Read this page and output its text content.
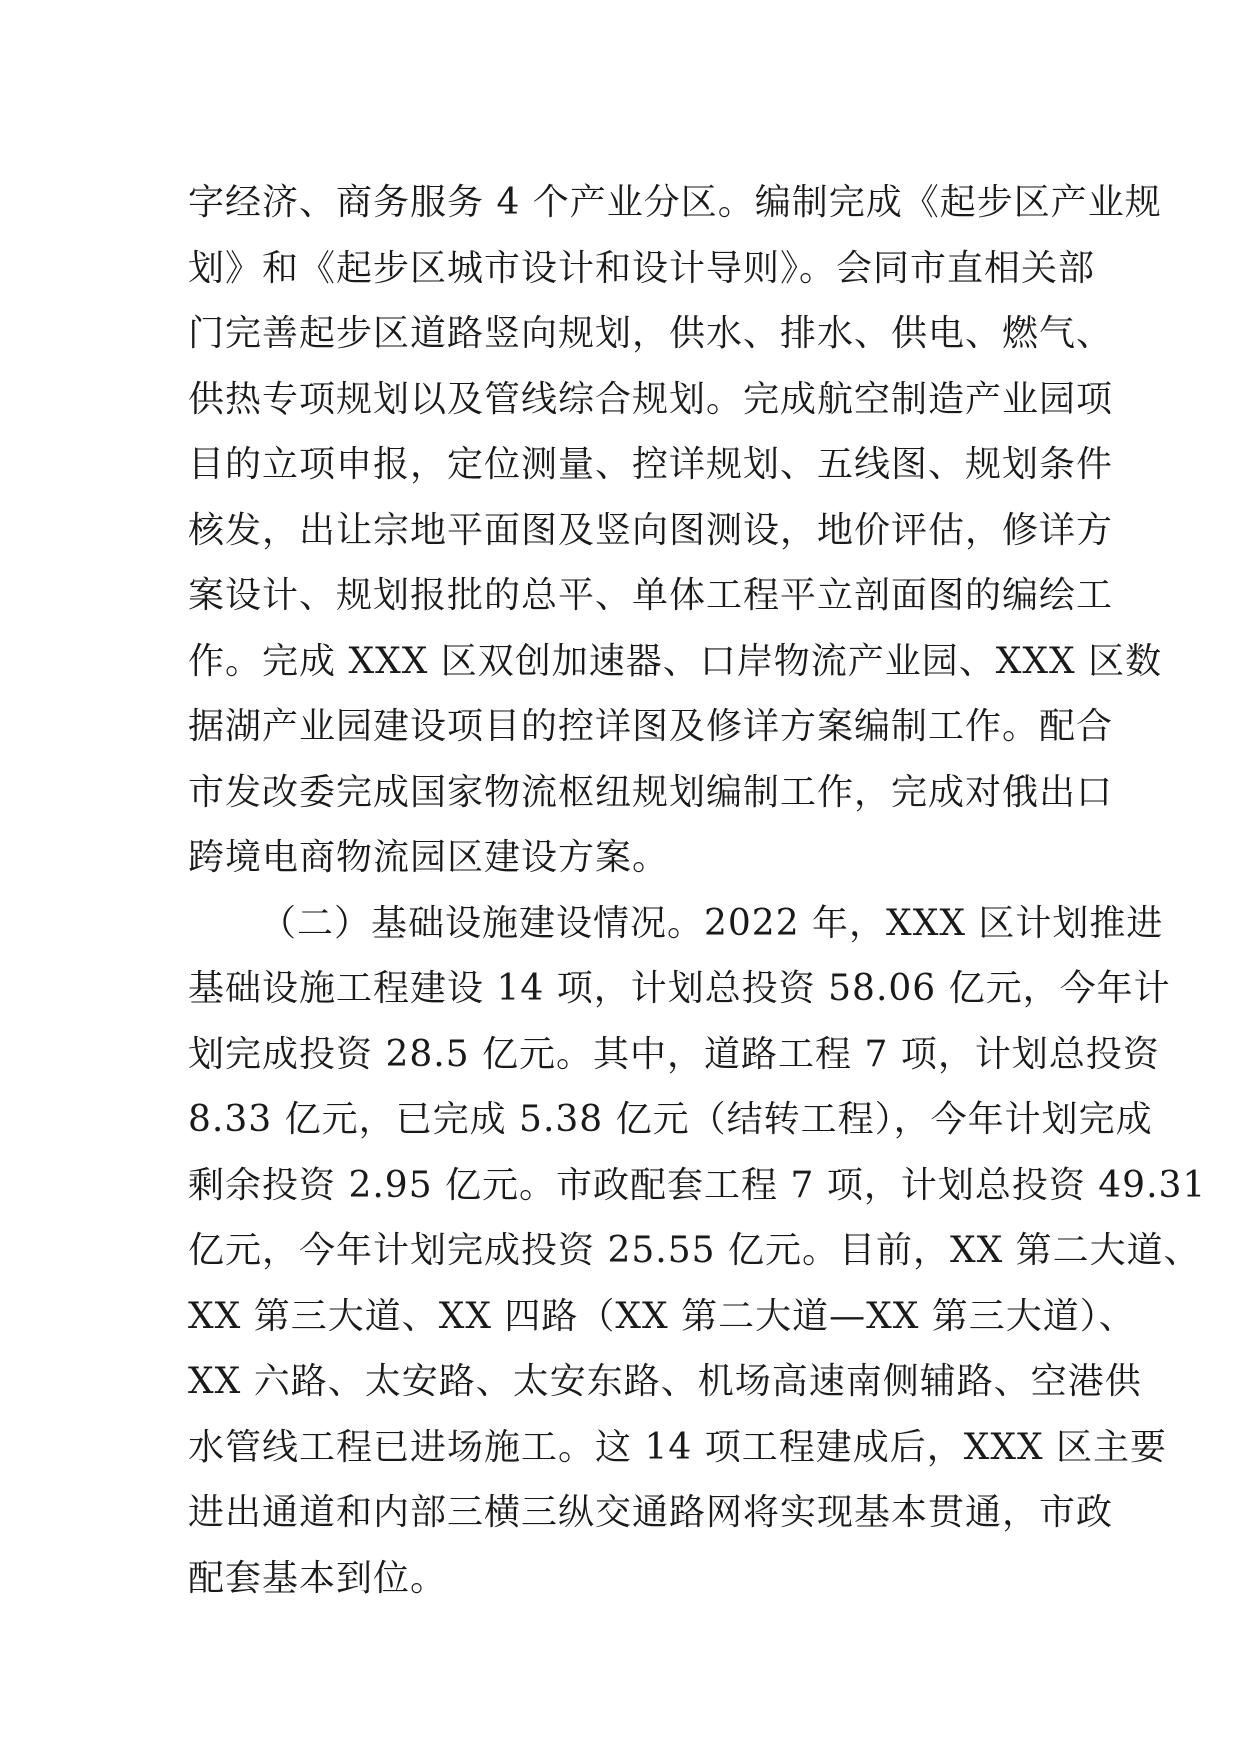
字经济、商务服务 4 个产业分区。编制完成《起步区产业规
划》和《起步区城市设计和设计导则》。会同市直相关部
门完善起步区道路竖向规划，供水、排水、供电、燃气、
供热专项规划以及管线综合规划。完成航空制造产业园项
目的立项申报，定位测量、控详规划、五线图、规划条件
核发，出让宗地平面图及竖向图测设，地价评估，修详方
案设计、规划报批的总平、单体工程平立剖面图的编绘工
作。完成 XXX 区双创加速器、口岸物流产业园、XXX 区数
据湖产业园建设项目的控详图及修详方案编制工作。配合
市发改委完成国家物流枢纽规划编制工作，完成对俄出口
跨境电商物流园区建设方案。
（二）基础设施建设情况。2022 年，XXX 区计划推进
基础设施工程建设 14 项，计划总投资 58.06 亿元，今年计
划完成投资 28.5 亿元。其中，道路工程 7 项，计划总投资
8.33 亿元，已完成 5.38 亿元（结转工程），今年计划完成
剩余投资 2.95 亿元。市政配套工程 7 项，计划总投资 49.31
亿元，今年计划完成投资 25.55 亿元。目前，XX 第二大道、
XX 第三大道、XX 四路（XX 第二大道—XX 第三大道）、
XX 六路、太安路、太安东路、机场高速南侧辅路、空港供
水管线工程已进场施工。这 14 项工程建成后，XXX 区主要
进出通道和内部三横三纵交通路网将实现基本贯通，市政
配套基本到位。
